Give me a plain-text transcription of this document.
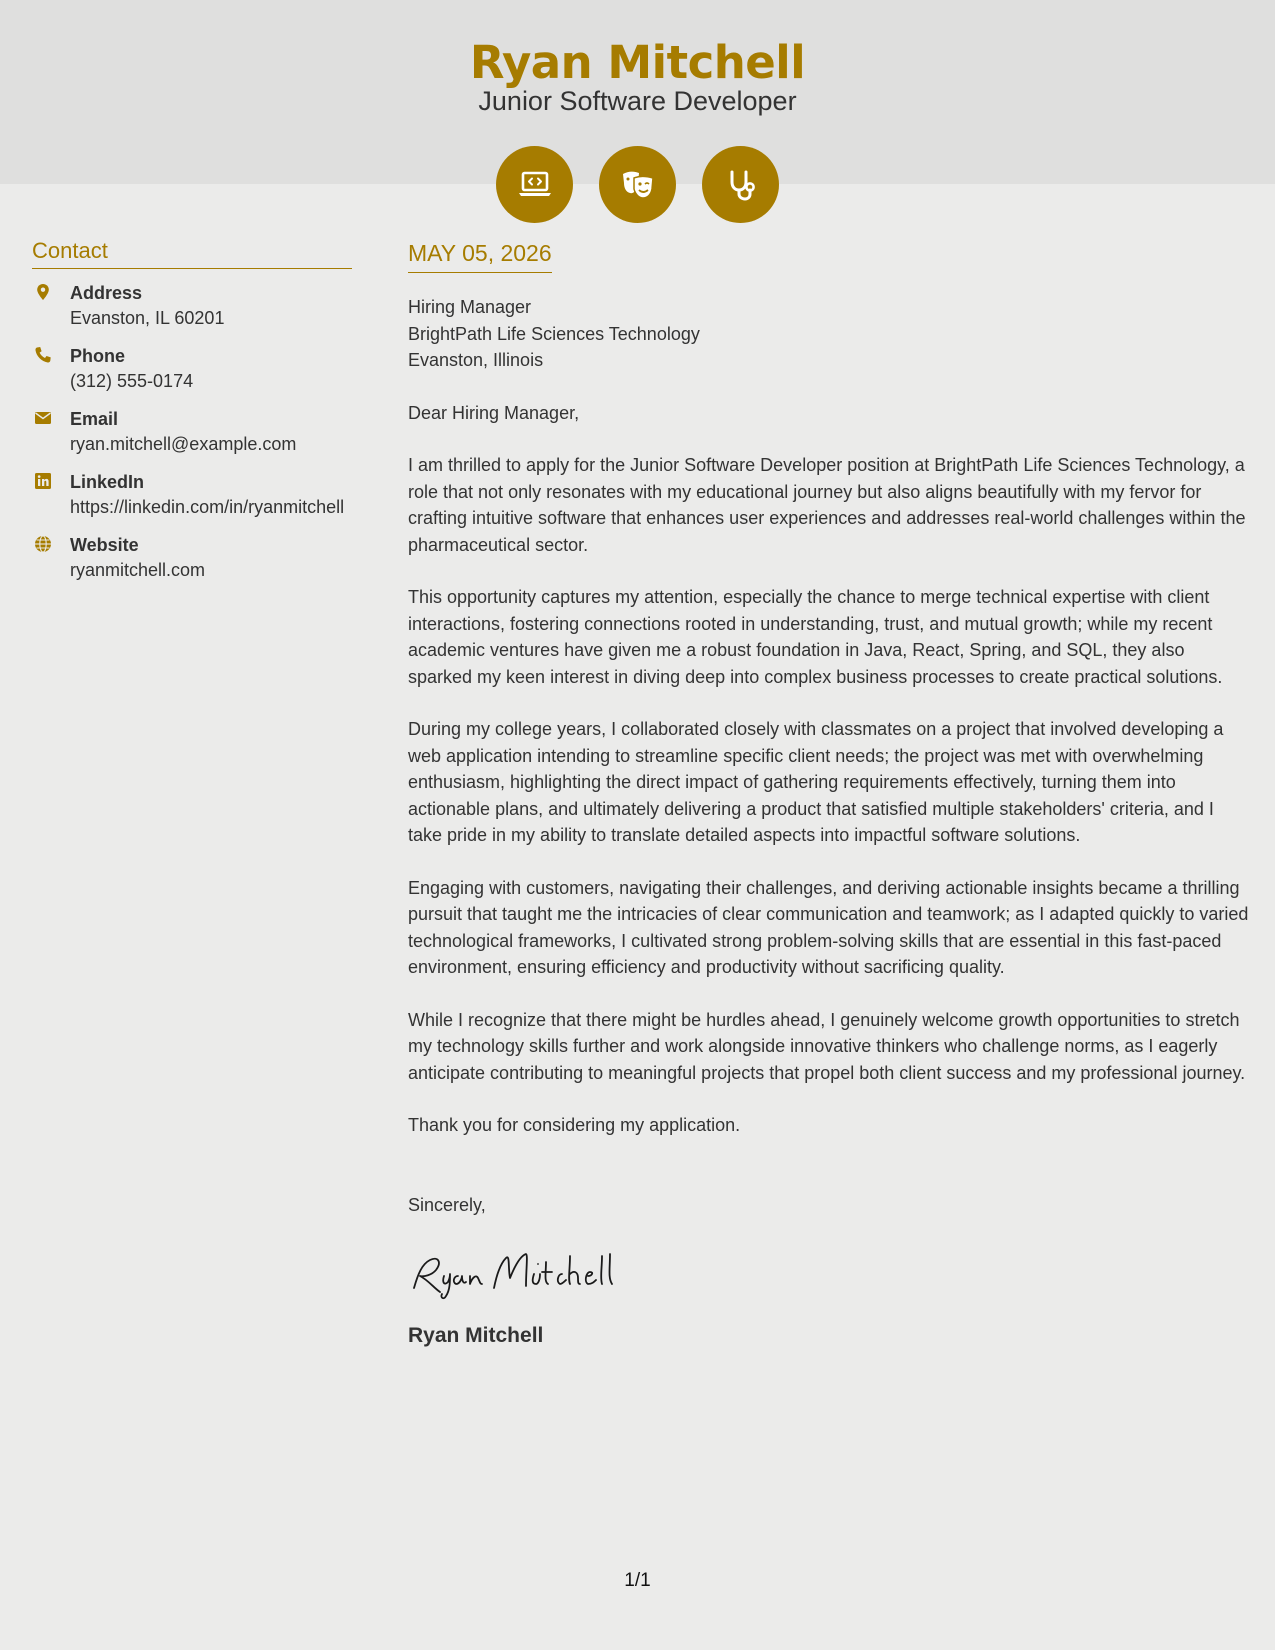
Ryan Mitchell
Junior Software Developer
Contact
Address
Evanston, IL 60201
Phone
(312) 555-0174
Email
ryan.mitchell@example.com
LinkedIn
https://linkedin.com/in/ryanmitchell
Website
ryanmitchell.com
MAY 05, 2026
Hiring Manager
BrightPath Life Sciences Technology
Evanston, Illinois
Dear Hiring Manager,
I am thrilled to apply for the Junior Software Developer position at BrightPath Life Sciences Technology, a role that not only resonates with my educational journey but also aligns beautifully with my fervor for crafting intuitive software that enhances user experiences and addresses real-world challenges within the pharmaceutical sector.
This opportunity captures my attention, especially the chance to merge technical expertise with client interactions, fostering connections rooted in understanding, trust, and mutual growth; while my recent academic ventures have given me a robust foundation in Java, React, Spring, and SQL, they also sparked my keen interest in diving deep into complex business processes to create practical solutions.
During my college years, I collaborated closely with classmates on a project that involved developing a web application intending to streamline specific client needs; the project was met with overwhelming enthusiasm, highlighting the direct impact of gathering requirements effectively, turning them into actionable plans, and ultimately delivering a product that satisfied multiple stakeholders' criteria, and I take pride in my ability to translate detailed aspects into impactful software solutions.
Engaging with customers, navigating their challenges, and deriving actionable insights became a thrilling pursuit that taught me the intricacies of clear communication and teamwork; as I adapted quickly to varied technological frameworks, I cultivated strong problem-solving skills that are essential in this fast-paced environment, ensuring efficiency and productivity without sacrificing quality.
While I recognize that there might be hurdles ahead, I genuinely welcome growth opportunities to stretch my technology skills further and work alongside innovative thinkers who challenge norms, as I eagerly anticipate contributing to meaningful projects that propel both client success and my professional journey.
Thank you for considering my application.
Sincerely,
Ryan Mitchell
1/1
